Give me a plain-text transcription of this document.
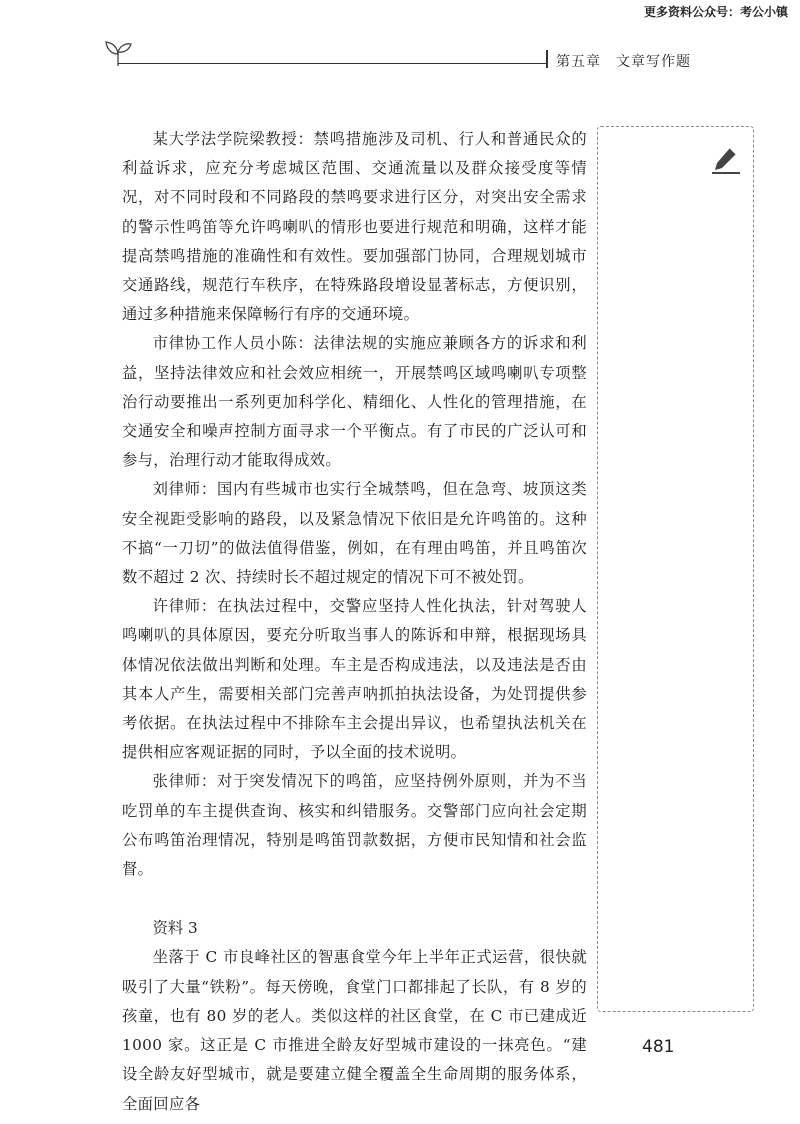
更多资料公众号：考公小镇
第五章　文章写作题

某大学法学院梁教授：禁鸣措施涉及司机、行人和普通民众的利益诉求，应充分考虑城区范围、交通流量以及群众接受度等情况，对不同时段和不同路段的禁鸣要求进行区分，对突出安全需求的警示性鸣笛等允许鸣喇叭的情形也要进行规范和明确，这样才能提高禁鸣措施的准确性和有效性。要加强部门协同，合理规划城市交通路线，规范行车秩序，在特殊路段增设显著标志，方便识别，通过多种措施来保障畅行有序的交通环境。

市律协工作人员小陈：法律法规的实施应兼顾各方的诉求和利益，坚持法律效应和社会效应相统一，开展禁鸣区域鸣喇叭专项整治行动要推出一系列更加科学化、精细化、人性化的管理措施，在交通安全和噪声控制方面寻求一个平衡点。有了市民的广泛认可和参与，治理行动才能取得成效。

刘律师：国内有些城市也实行全城禁鸣，但在急弯、坡顶这类安全视距受影响的路段，以及紧急情况下依旧是允许鸣笛的。这种不搞“一刀切”的做法值得借鉴，例如，在有理由鸣笛，并且鸣笛次数不超过 2 次、持续时长不超过规定的情况下可不被处罚。

许律师：在执法过程中，交警应坚持人性化执法，针对驾驶人鸣喇叭的具体原因，要充分听取当事人的陈诉和申辩，根据现场具体情况依法做出判断和处理。车主是否构成违法，以及违法是否由其本人产生，需要相关部门完善声呐抓拍执法设备，为处罚提供参考依据。在执法过程中不排除车主会提出异议，也希望执法机关在提供相应客观证据的同时，予以全面的技术说明。

张律师：对于突发情况下的鸣笛，应坚持例外原则，并为不当吃罚单的车主提供查询、核实和纠错服务。交警部门应向社会定期公布鸣笛治理情况，特别是鸣笛罚款数据，方便市民知情和社会监督。

资料 3

坐落于 C 市良峰社区的智惠食堂今年上半年正式运营，很快就吸引了大量“铁粉”。每天傍晚，食堂门口都排起了长队，有 8 岁的孩童，也有 80 岁的老人。类似这样的社区食堂，在 C 市已建成近 1000 家。这正是 C 市推进全龄友好型城市建设的一抹亮色。“建设全龄友好型城市，就是要建立健全覆盖全生命周期的服务体系，全面回应各

481
